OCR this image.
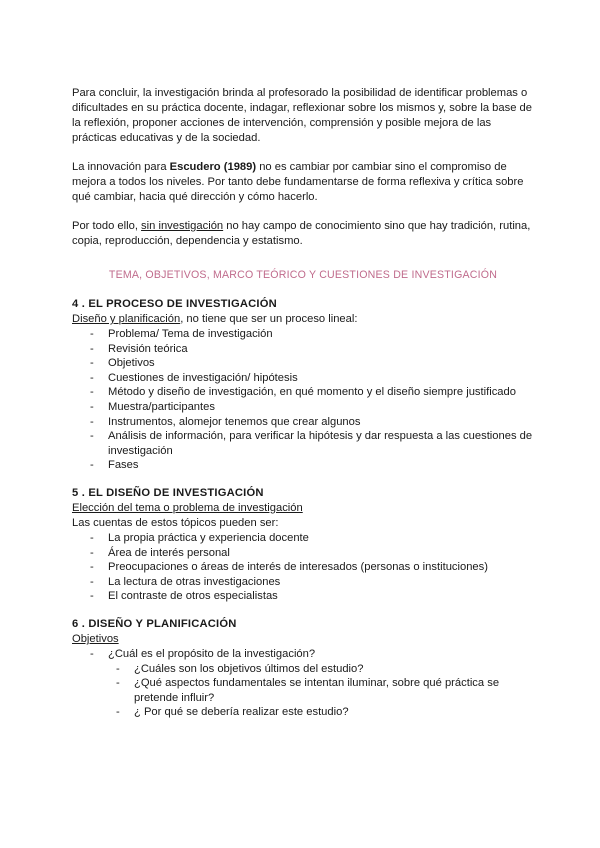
Para concluir, la investigación brinda al profesorado la posibilidad de identificar problemas o dificultades en su práctica docente, indagar, reflexionar sobre los mismos y, sobre la base de la reflexión, proponer acciones de intervención, comprensión y posible mejora de las prácticas educativas y de la sociedad.

La innovación para Escudero (1989) no es cambiar por cambiar sino el compromiso de mejora a todos los niveles. Por tanto debe fundamentarse de forma reflexiva y crítica sobre qué cambiar, hacia qué dirección y cómo hacerlo.

Por todo ello, sin investigación no hay campo de conocimiento sino que hay tradición, rutina, copia, reproducción, dependencia y estatismo.

TEMA, OBJETIVOS, MARCO TEÓRICO Y CUESTIONES DE INVESTIGACIÓN
4 . EL PROCESO DE INVESTIGACIÓN

Diseño y planificación, no tiene que ser un proceso lineal:

- Problema/ Tema de investigación
- Revisión teórica
- Objetivos
- Cuestiones de investigación/ hipótesis
- Método y diseño de investigación, en qué momento y el diseño siempre justificado
- Muestra/participantes
- Instrumentos, alomejor tenemos que crear algunos
- Análisis de información, para verificar la hipótesis y dar respuesta a las cuestiones de investigación
- Fases
5 . EL DISEÑO DE INVESTIGACIÓN

Elección del tema o problema de investigación

Las cuentas de estos tópicos pueden ser:

- La propia práctica y experiencia docente
- Área de interés personal
- Preocupaciones o áreas de interés de interesados (personas o instituciones)
- La lectura de otras investigaciones
- El contraste de otros especialistas
6 . DISEÑO Y PLANIFICACIÓN

Objetivos

- ¿Cuál es el propósito de la investigación?
- ¿Cuáles son los objetivos últimos del estudio?
- ¿Qué aspectos fundamentales se intentan iluminar, sobre qué práctica se pretende influir?
- ¿ Por qué se debería realizar este estudio?
